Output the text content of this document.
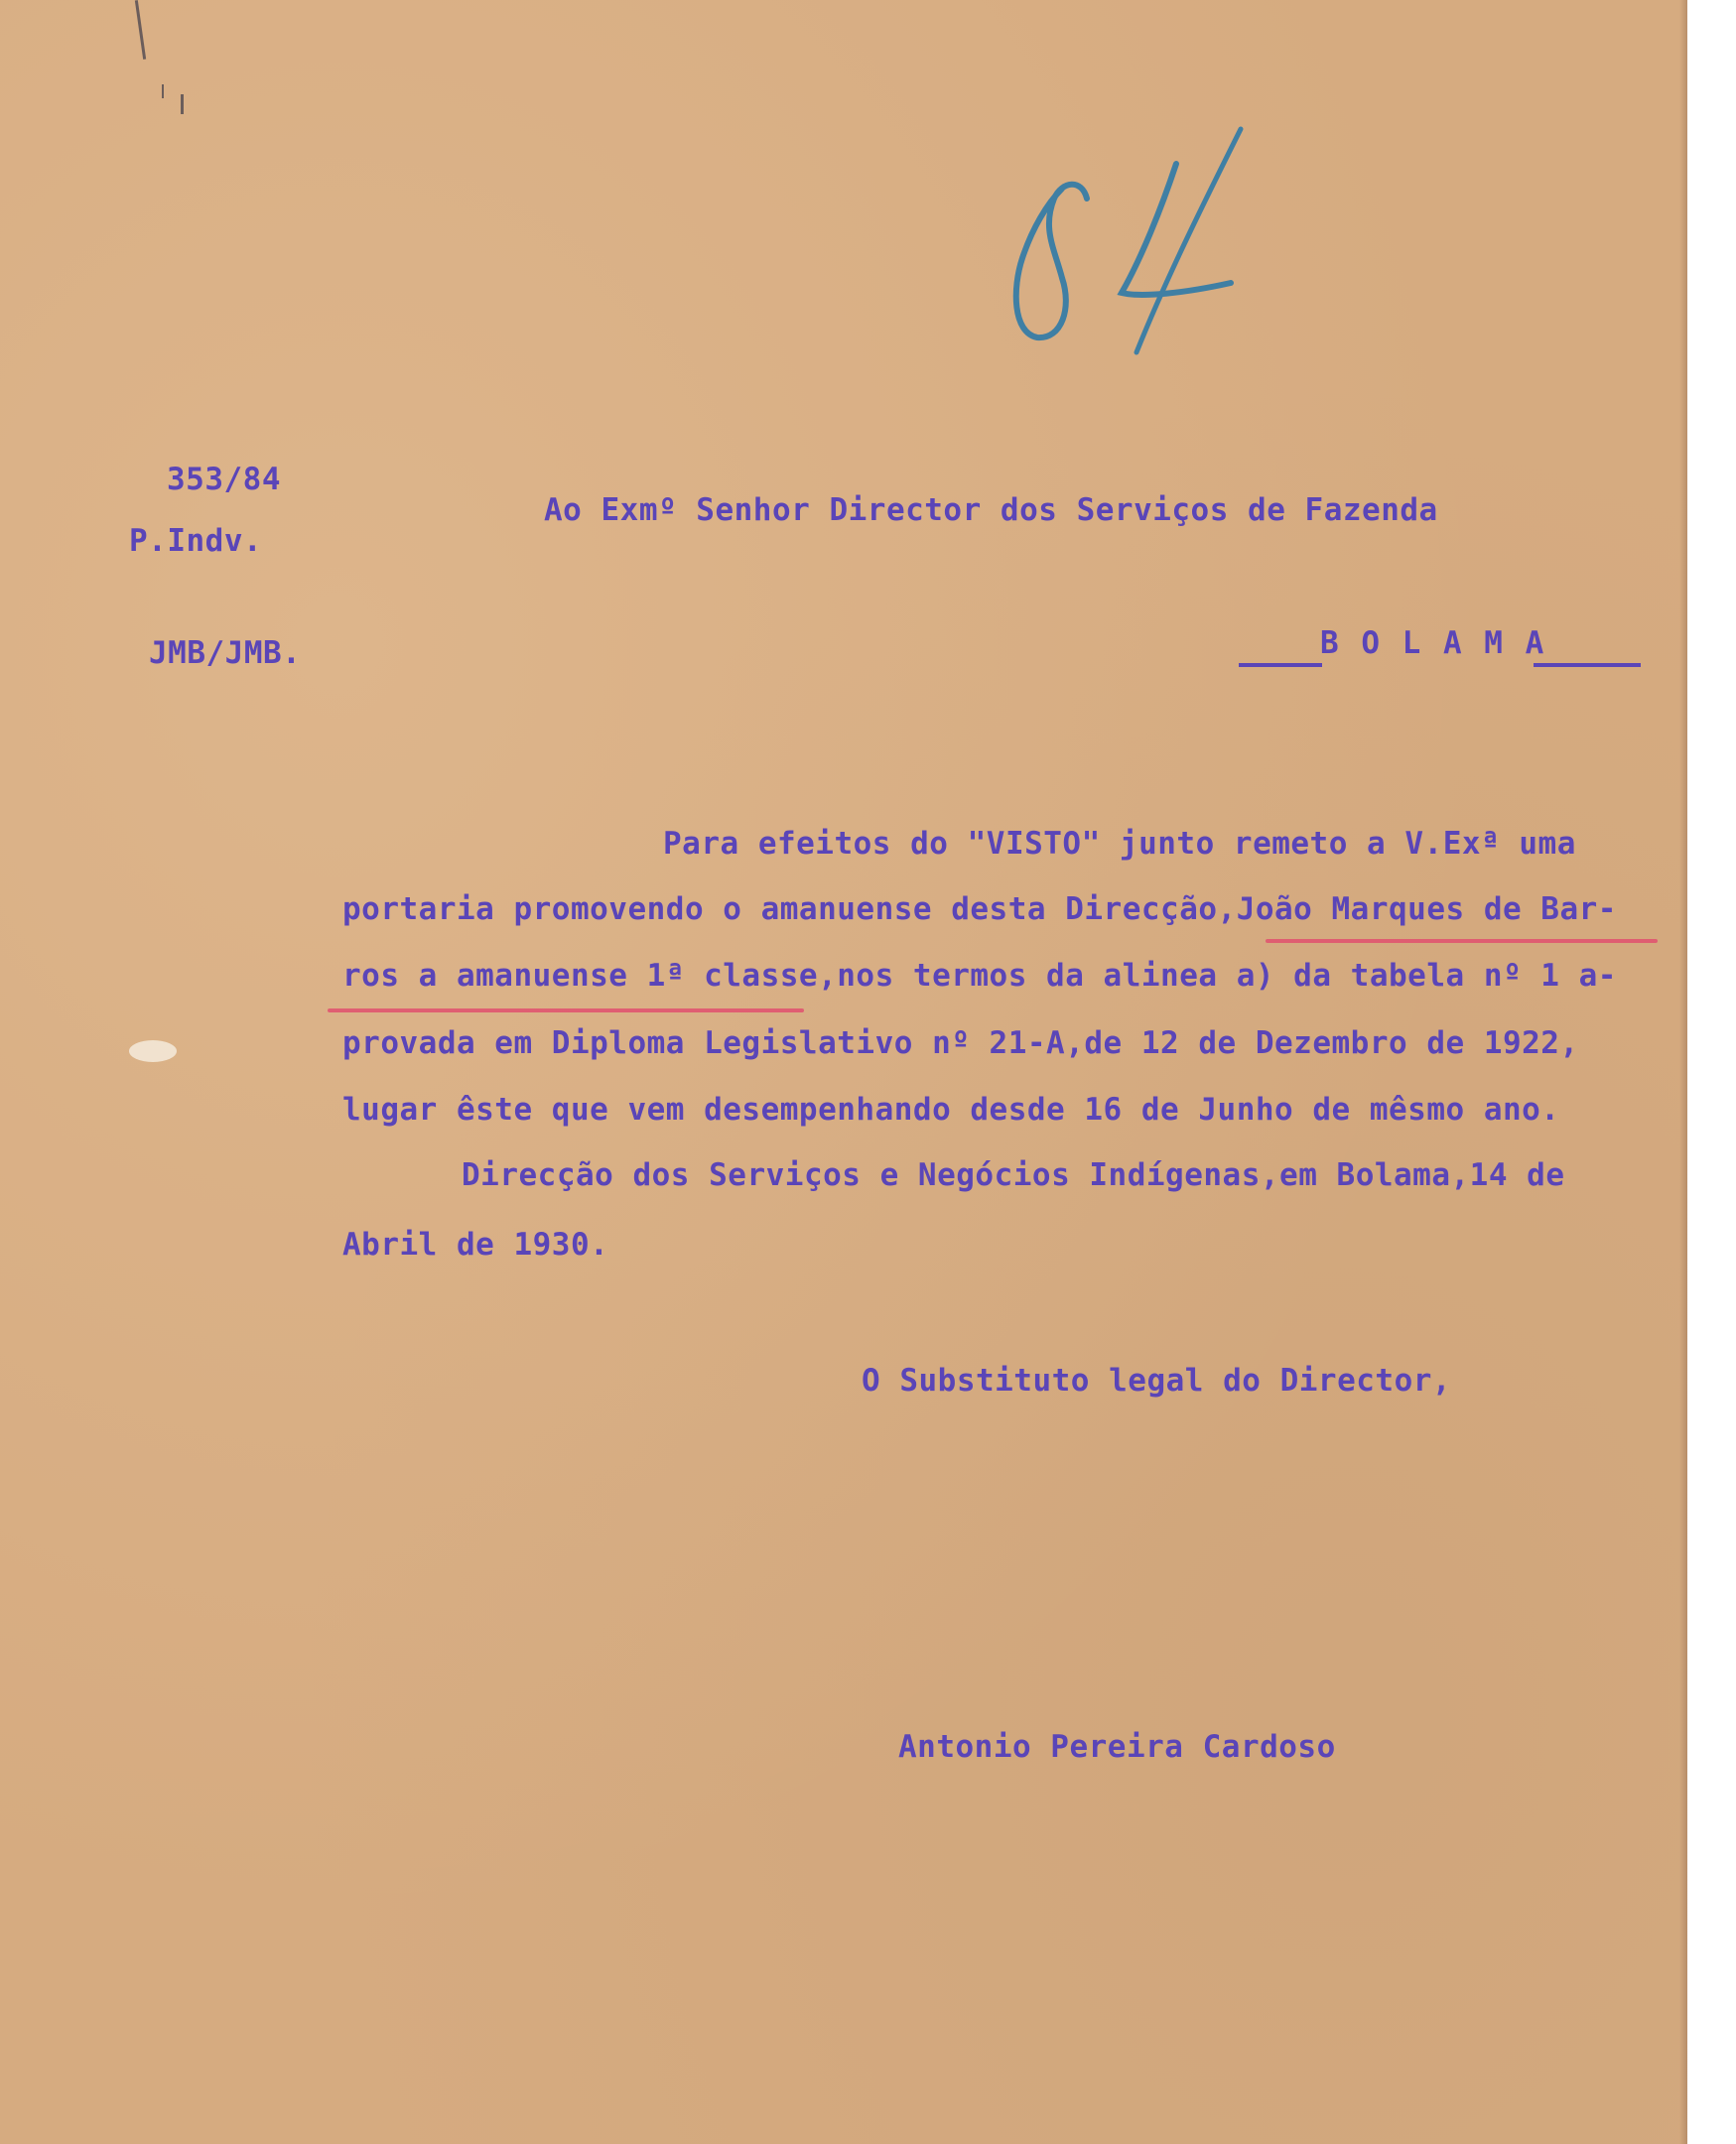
353/84
P.Indv.
JMB/JMB.
Ao Exmº Senhor Director dos Serviços de Fazenda
B O L A M A
Para efeitos do "VISTO" junto remeto a V.Exª uma
portaria promovendo o amanuense desta Direcção,João Marques de Bar-
ros a amanuense 1ª classe,nos termos da alinea a) da tabela nº 1 a-
provada em Diploma Legislativo nº 21-A,de 12 de Dezembro de 1922,
lugar êste que vem desempenhando desde 16 de Junho de mêsmo ano.
Direcção dos Serviços e Negócios Indígenas,em Bolama,14 de
Abril de 1930.
O Substituto legal do Director,
Antonio Pereira Cardoso
